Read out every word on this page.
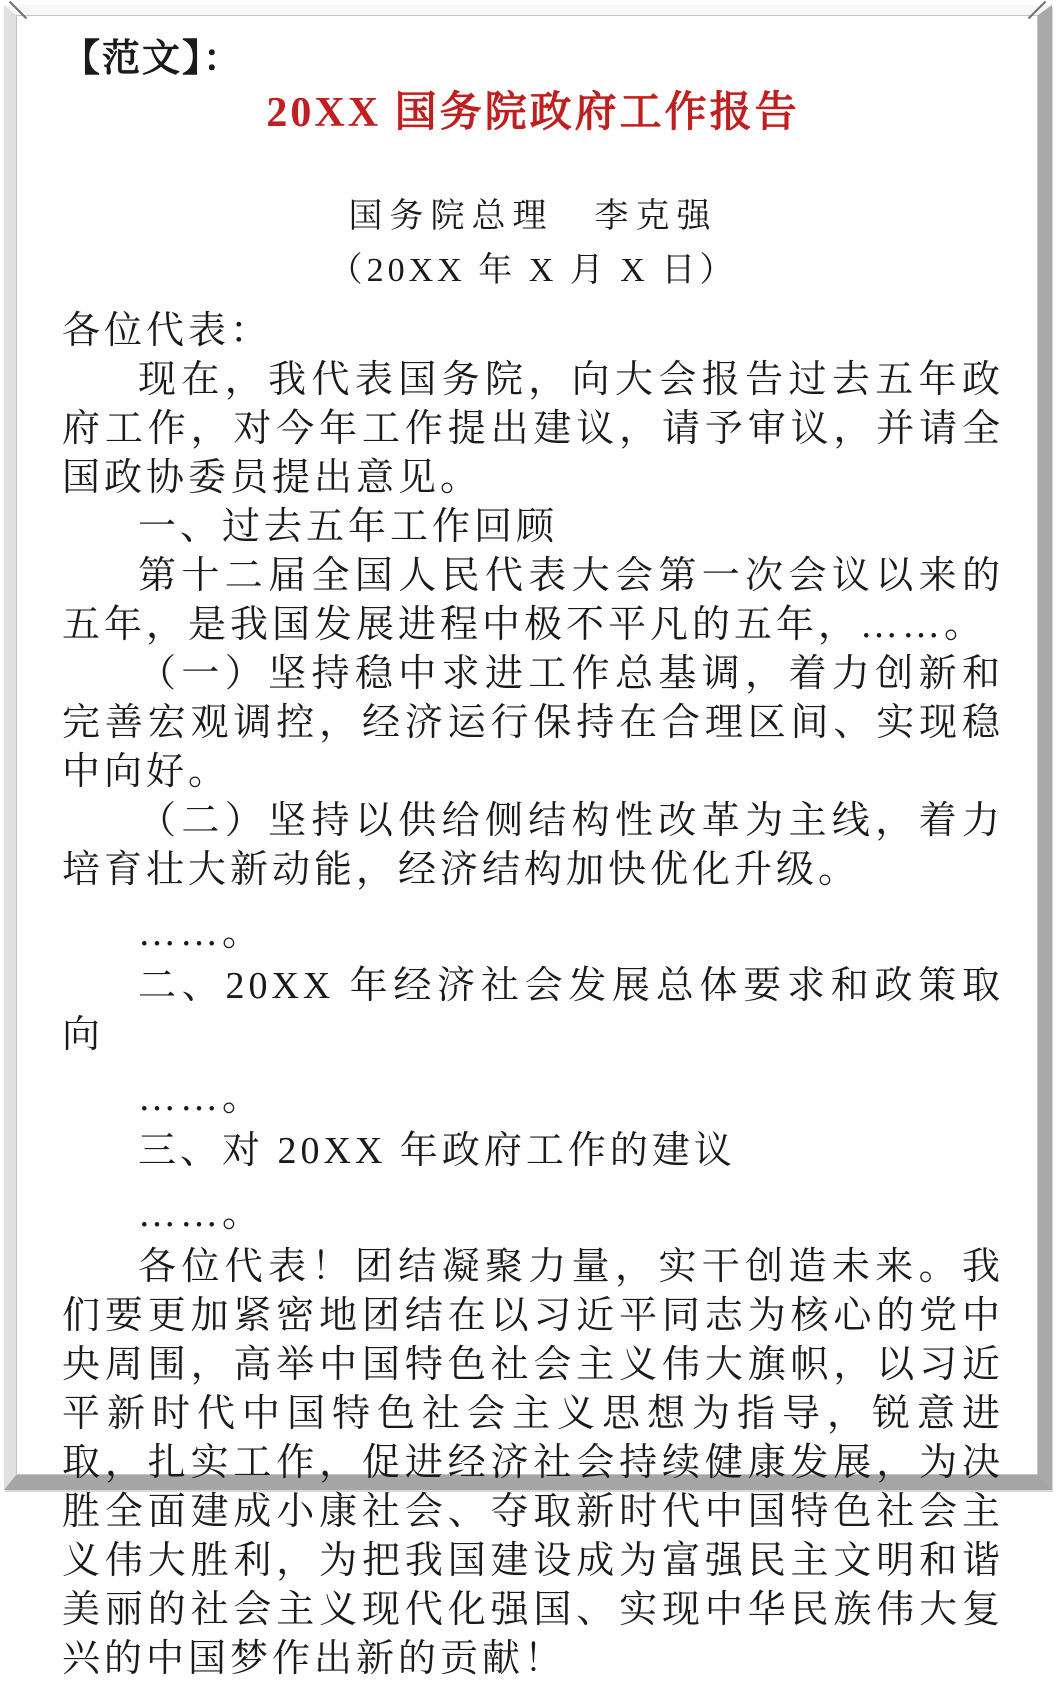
【范文】：
20XX 国务院政府工作报告
国务院总理　李克强
（20XX 年 X 月 X 日）

各位代表：

现在，我代表国务院，向大会报告过去五年政府工作，对今年工作提出建议，请予审议，并请全国政协委员提出意见。

一、过去五年工作回顾

第十二届全国人民代表大会第一次会议以来的五年，是我国发展进程中极不平凡的五年，……。

（一）坚持稳中求进工作总基调，着力创新和完善宏观调控，经济运行保持在合理区间、实现稳中向好。

（二）坚持以供给侧结构性改革为主线，着力培育壮大新动能，经济结构加快优化升级。

……。

二、20XX 年经济社会发展总体要求和政策取向

……。

三、对 20XX 年政府工作的建议

……。

各位代表！团结凝聚力量，实干创造未来。我们要更加紧密地团结在以习近平同志为核心的党中央周围，高举中国特色社会主义伟大旗帜，以习近平新时代中国特色社会主义思想为指导，锐意进取，扎实工作，促进经济社会持续健康发展，为决胜全面建成小康社会、夺取新时代中国特色社会主义伟大胜利，为把我国建设成为富强民主文明和谐美丽的社会主义现代化强国、实现中华民族伟大复兴的中国梦作出新的贡献！
